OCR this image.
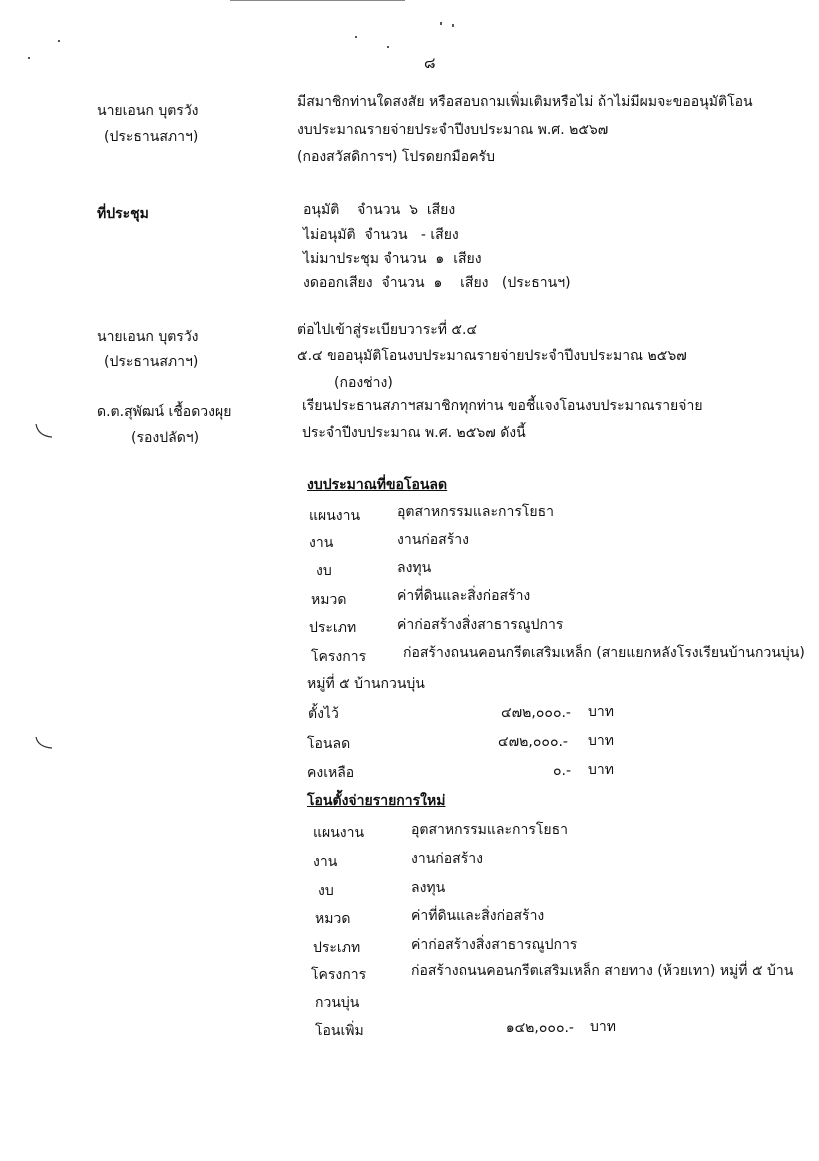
๘
นายเอนก บุตรวัง
(ประธานสภาฯ)
มีสมาชิกท่านใดสงสัย หรือสอบถามเพิ่มเติมหรือไม่ ถ้าไม่มีผมจะขออนุมัติโอน
งบประมาณรายจ่ายประจำปีงบประมาณ พ.ศ. ๒๕๖๗
(กองสวัสดิการฯ) โปรดยกมือครับ
ที่ประชุม	อนุมัติ    จำนวน  ๖  เสียง
ไม่อนุมัติ  จำนวน   - เสียง
ไม่มาประชุม จำนวน  ๑  เสียง
งดออกเสียง  จำนวน  ๑    เสียง   (ประธานฯ)
นายเอนก บุตรวัง
(ประธานสภาฯ)
ต่อไปเข้าสู่ระเบียบวาระที่ ๕.๔
๕.๔ ขออนุมัติโอนงบประมาณรายจ่ายประจำปีงบประมาณ ๒๕๖๗
(กองช่าง)
ด.ต.สุพัฒน์ เชื้อดวงผุย
(รองปลัดฯ)
เรียนประธานสภาฯสมาชิกทุกท่าน ขอชี้แจงโอนงบประมาณรายจ่าย
ประจำปีงบประมาณ พ.ศ. ๒๕๖๗ ดังนี้
งบประมาณที่ขอโอนลด
แผนงาน	อุตสาหกรรมและการโยธา
งาน	งานก่อสร้าง
งบ	ลงทุน
หมวด	ค่าที่ดินและสิ่งก่อสร้าง
ประเภท	ค่าก่อสร้างสิ่งสาธารณูปการ
โครงการ	ก่อสร้างถนนคอนกรีตเสริมเหล็ก (สายแยกหลังโรงเรียนบ้านกวนบุ่น)
หมู่ที่ ๕ บ้านกวนบุ่น
ตั้งไว้	๔๗๒,๐๐๐.- บาท
โอนลด	๔๗๒,๐๐๐.- บาท
คงเหลือ	๐.- บาท
โอนตั้งจ่ายรายการใหม่
แผนงาน	อุตสาหกรรมและการโยธา
งาน	งานก่อสร้าง
งบ	ลงทุน
หมวด	ค่าที่ดินและสิ่งก่อสร้าง
ประเภท	ค่าก่อสร้างสิ่งสาธารณูปการ
โครงการ	ก่อสร้างถนนคอนกรีตเสริมเหล็ก สายทาง (ห้วยเทา) หมู่ที่ ๕ บ้าน
กวนบุ่น
โอนเพิ่ม	๑๔๒,๐๐๐.- บาท
